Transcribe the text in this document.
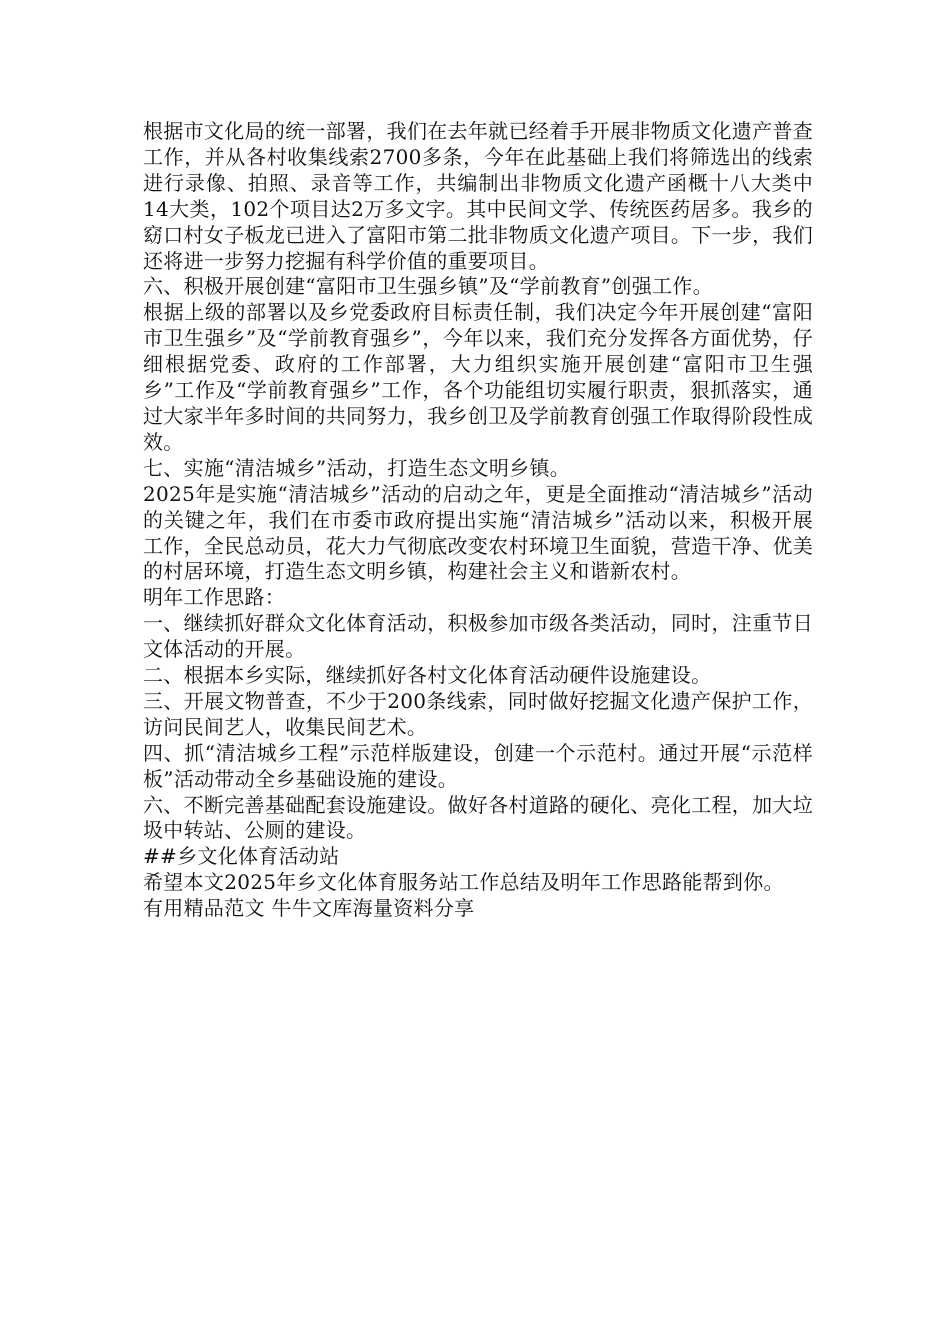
根据市文化局的统一部署，我们在去年就已经着手开展非物质文化遗产普查工作，并从各村收集线索2700多条，今年在此基础上我们将筛选出的线索进行录像、拍照、录音等工作，共编制出非物质文化遗产函概十八大类中14大类，102个项目达2万多文字。其中民间文学、传统医药居多。我乡的窈口村女子板龙已进入了富阳市第二批非物质文化遗产项目。下一步，我们还将进一步努力挖掘有科学价值的重要项目。

六、积极开展创建“富阳市卫生强乡镇”及“学前教育”创强工作。

根据上级的部署以及乡党委政府目标责任制，我们决定今年开展创建“富阳市卫生强乡”及“学前教育强乡”，今年以来，我们充分发挥各方面优势，仔细根据党委、政府的工作部署，大力组织实施开展创建“富阳市卫生强乡”工作及“学前教育强乡”工作，各个功能组切实履行职责，狠抓落实，通过大家半年多时间的共同努力，我乡创卫及学前教育创强工作取得阶段性成效。

七、实施“清洁城乡”活动，打造生态文明乡镇。

2025年是实施“清洁城乡”活动的启动之年，更是全面推动“清洁城乡”活动的关键之年，我们在市委市政府提出实施“清洁城乡”活动以来，积极开展工作，全民总动员，花大力气彻底改变农村环境卫生面貌，营造干净、优美的村居环境，打造生态文明乡镇，构建社会主义和谐新农村。

明年工作思路：

一、继续抓好群众文化体育活动，积极参加市级各类活动，同时，注重节日文体活动的开展。

二、根据本乡实际，继续抓好各村文化体育活动硬件设施建设。

三、开展文物普查，不少于200条线索，同时做好挖掘文化遗产保护工作，访问民间艺人，收集民间艺术。

四、抓“清洁城乡工程”示范样版建设，创建一个示范村。通过开展“示范样板”活动带动全乡基础设施的建设。

六、不断完善基础配套设施建设。做好各村道路的硬化、亮化工程，加大垃圾中转站、公厕的建设。

##乡文化体育活动站

希望本文2025年乡文化体育服务站工作总结及明年工作思路能帮到你。

有用精品范文 牛牛文库海量资料分享
